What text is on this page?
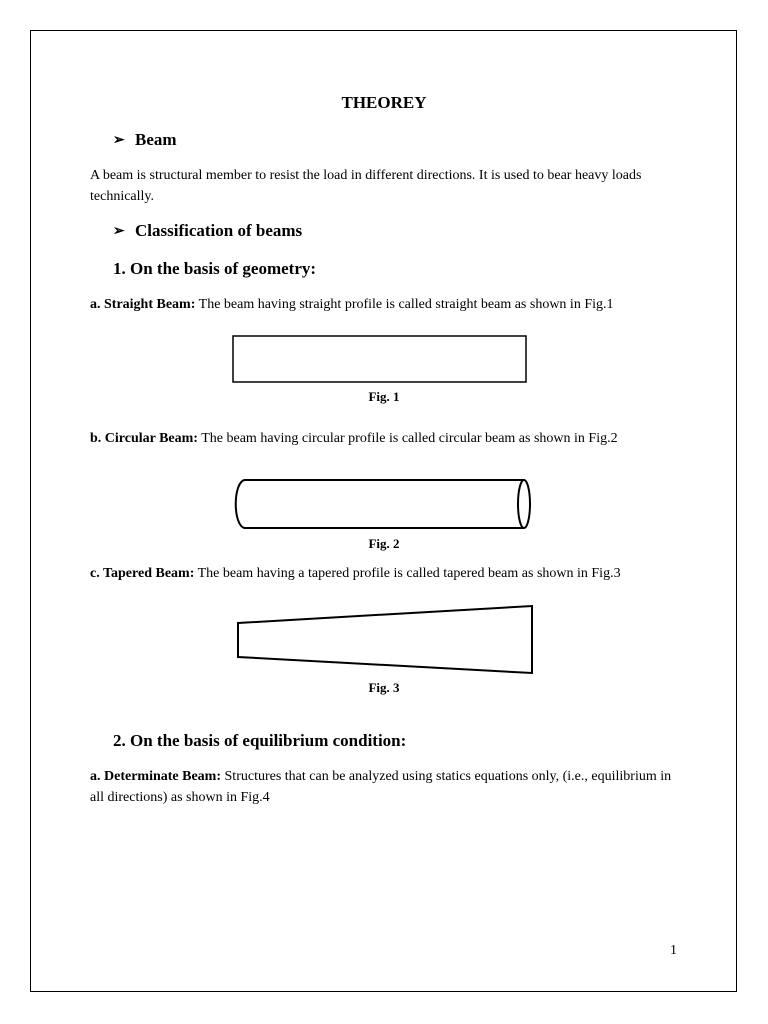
THEOREY
➢ Beam
A beam is structural member to resist the load in different directions. It is used to bear heavy loads technically.
➢ Classification of beams
1. On the basis of geometry:
a. Straight Beam: The beam having straight profile is called straight beam as shown in Fig.1
Fig. 1
b. Circular Beam: The beam having circular profile is called circular beam as shown in Fig.2
Fig. 2
c. Tapered Beam: The beam having a tapered profile is called tapered beam as shown in Fig.3
Fig. 3
2. On the basis of equilibrium condition:
a. Determinate Beam: Structures that can be analyzed using statics equations only, (i.e., equilibrium in all directions) as shown in Fig.4
1
